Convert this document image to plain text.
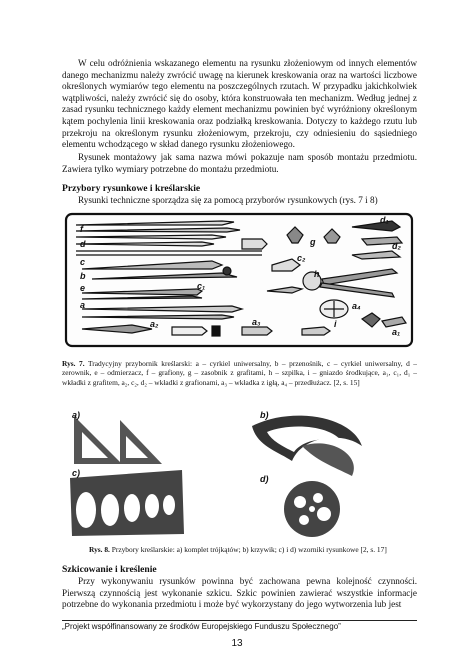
W celu odróżnienia wskazanego elementu na rysunku złożeniowym od innych elementów danego mechanizmu należy zwrócić uwagę na kierunek kreskowania oraz na wartości liczbowe określonych wymiarów tego elementu na poszczególnych rzutach. W przypadku jakichkolwiek wątpliwości, należy zwrócić się do osoby, która konstruowała ten mechanizm. Według jednej z zasad rysunku technicznego każdy element mechanizmu powinien być wyróżniony określonym kątem pochylenia linii kreskowania oraz podziałką kreskowania. Dotyczy to każdego rzutu lub przekroju na określonym rysunku złożeniowym, przekroju, czy odniesieniu do sąsiedniego elementu wchodzącego w skład danego rysunku złożeniowego.

Rysunek montażowy jak sama nazwa mówi pokazuje nam sposób montażu przedmiotu. Zawiera tylko wymiary potrzebne do montażu przedmiotu.

Przybory rysunkowe i kreślarskie

Rysunki techniczne sporządza się za pomocą przyborów rysunkowych (rys. 7 i 8)

f
d₁
d	g	d₂
c	c₂
b	h
e	c₁
a	a₄
a₂	a₃	i
a₁

Rys. 7. Tradycyjny przybornik kreślarski: a – cyrkiel uniwersalny, b – przenośnik, c – cyrkiel uniwersalny, d – zerownik, e – odmierzacz, f – grafiony, g – zasobnik z grafitami, h – szpilka, i – gniazdo środkujące, a₁, c₁, d₁ – wkładki z grafitem, a₂, c₂, d₂ – wkładki z grafionami, a₃ – wkładka z igłą, a₄ – przedłużacz. [2, s. 15]

a)	b)
c)
d)

Rys. 8. Przybory kreślarskie: a) komplet trójkątów; b) krzywik; c) i d) wzorniki rysunkowe [2, s. 17]

Szkicowanie i kreślenie

Przy wykonywaniu rysunków powinna być zachowana pewna kolejność czynności. Pierwszą czynnością jest wykonanie szkicu. Szkic powinien zawierać wszystkie informacje potrzebne do wykonania przedmiotu i może być wykorzystany do jego wytworzenia lub jest

„Projekt współfinansowany ze środków Europejskiego Funduszu Społecznego”

13
